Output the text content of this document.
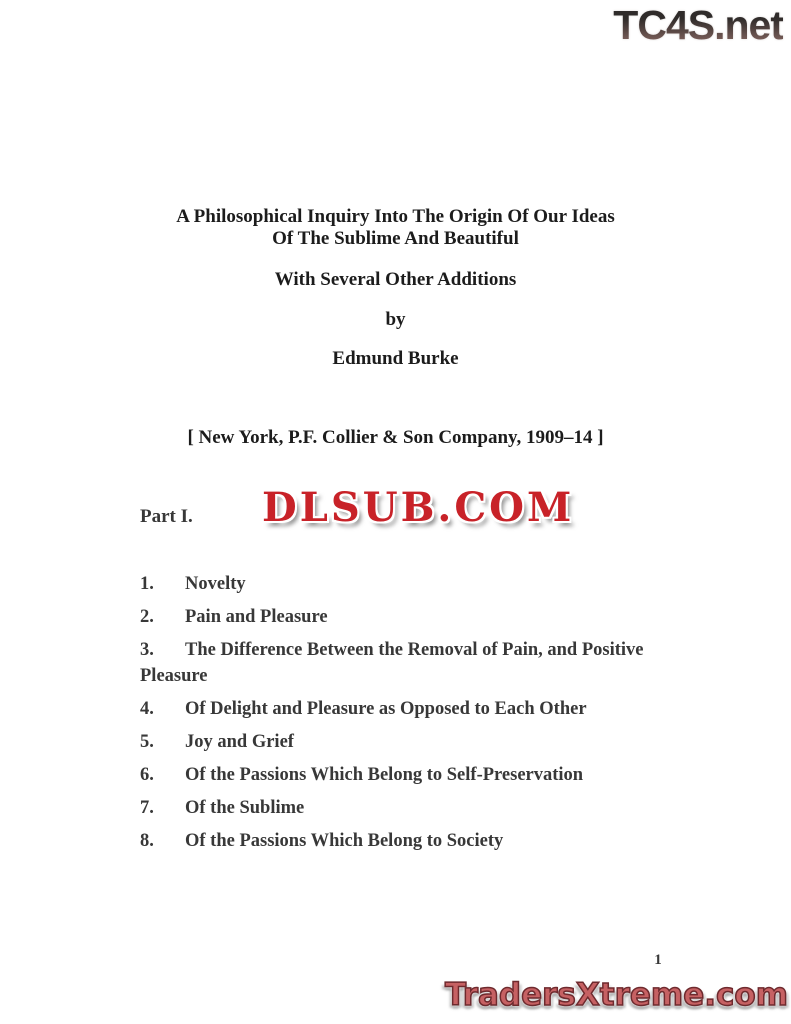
TC4S.net
A Philosophical Inquiry Into The Origin Of Our Ideas
Of The Sublime And Beautiful
With Several Other Additions
by
Edmund Burke
[ New York, P.F. Collier & Son Company, 1909–14 ]
Part I. DLSUB.COM

1. Novelty

2. Pain and Pleasure

3. The Difference Between the Removal of Pain, and Positive Pleasure

4. Of Delight and Pleasure as Opposed to Each Other

5. Joy and Grief

6. Of the Passions Which Belong to Self-Preservation

7. Of the Sublime

8. Of the Passions Which Belong to Society

1
TradersXtreme.com
